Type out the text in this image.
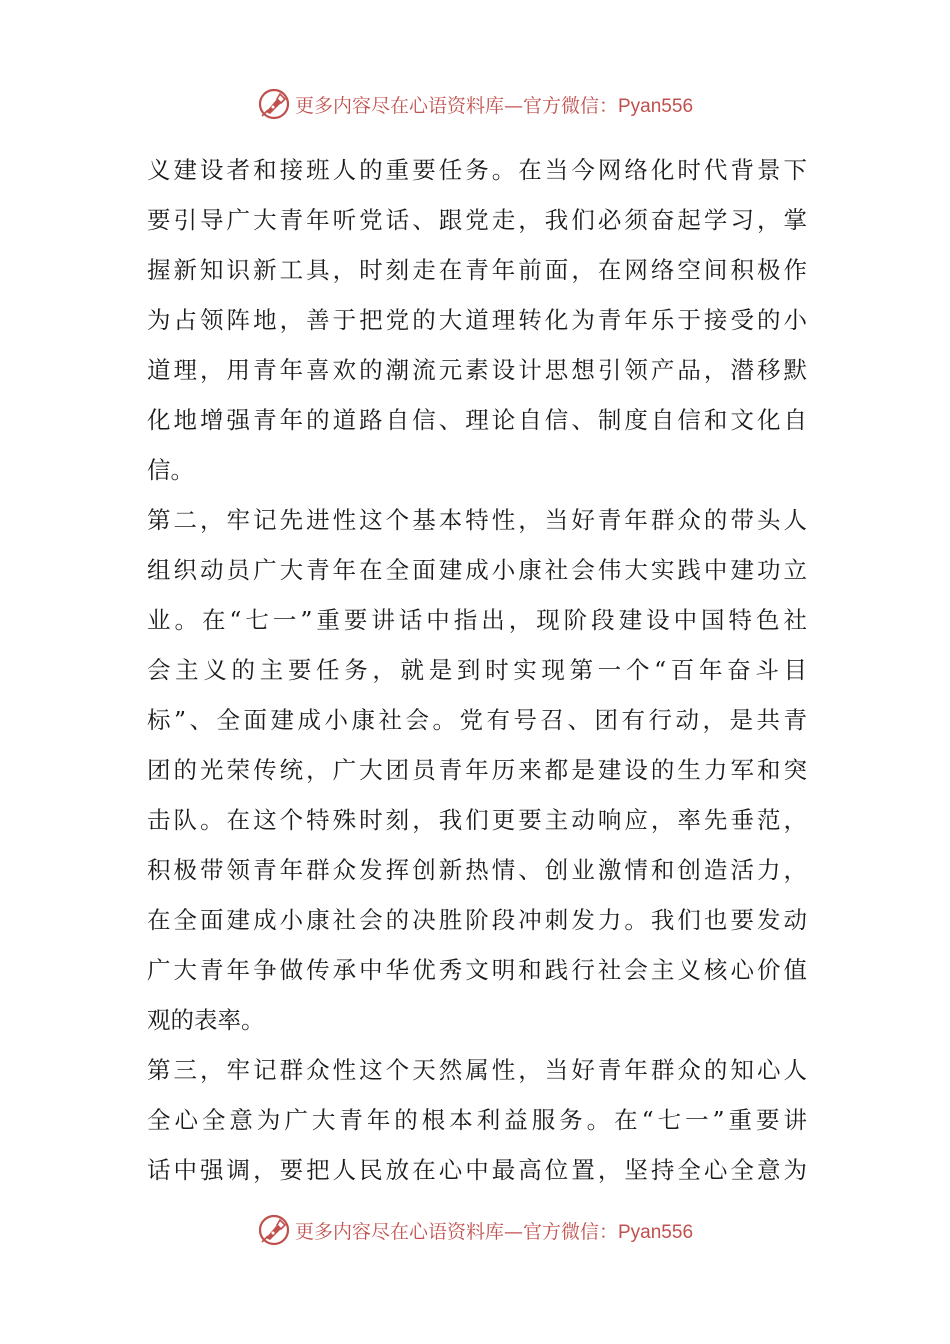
更多内容尽在心语资料库—官方微信：Pyan556
义建设者和接班人的重要任务。在当今网络化时代背景下
要引导广大青年听党话、跟党走，我们必须奋起学习，掌
握新知识新工具，时刻走在青年前面，在网络空间积极作
为占领阵地，善于把党的大道理转化为青年乐于接受的小
道理，用青年喜欢的潮流元素设计思想引领产品，潜移默
化地增强青年的道路自信、理论自信、制度自信和文化自
信。
第二，牢记先进性这个基本特性，当好青年群众的带头人
组织动员广大青年在全面建成小康社会伟大实践中建功立
业。在“七一”重要讲话中指出，现阶段建设中国特色社
会主义的主要任务，就是到时实现第一个“百年奋斗目
标”、全面建成小康社会。党有号召、团有行动，是共青
团的光荣传统，广大团员青年历来都是建设的生力军和突
击队。在这个特殊时刻，我们更要主动响应，率先垂范，
积极带领青年群众发挥创新热情、创业激情和创造活力，
在全面建成小康社会的决胜阶段冲刺发力。我们也要发动
广大青年争做传承中华优秀文明和践行社会主义核心价值
观的表率。
第三，牢记群众性这个天然属性，当好青年群众的知心人
全心全意为广大青年的根本利益服务。在“七一”重要讲
话中强调，要把人民放在心中最高位置，坚持全心全意为
更多内容尽在心语资料库—官方微信：Pyan556
